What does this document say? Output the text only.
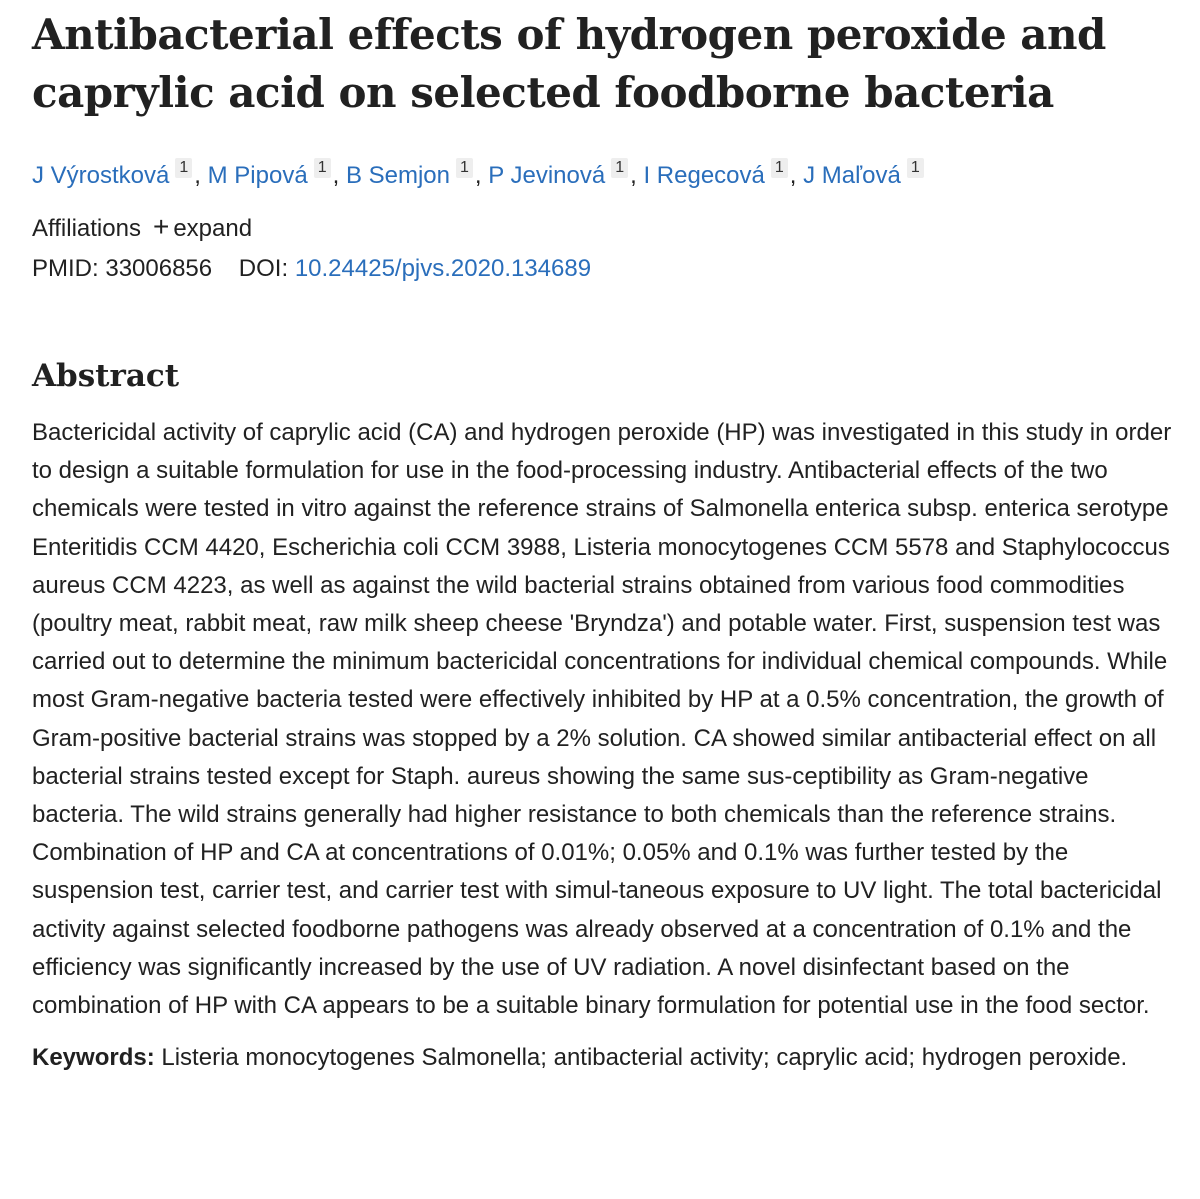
Antibacterial effects of hydrogen peroxide and caprylic acid on selected foodborne bacteria
J Výrostková 1 , M Pipová 1 , B Semjon 1 , P Jevinová 1 , I Regecová 1 , J Maľová 1
Affiliations + expand
PMID: 33006856 DOI: 10.24425/pjvs.2020.134689
Abstract
Bactericidal activity of caprylic acid (CA) and hydrogen peroxide (HP) was investigated in this study in order to design a suitable formulation for use in the food-processing industry. Antibacterial effects of the two chemicals were tested in vitro against the reference strains of Salmonella enterica subsp. enterica serotype Enteritidis CCM 4420, Escherichia coli CCM 3988, Listeria monocytogenes CCM 5578 and Staphylococcus aureus CCM 4223, as well as against the wild bacterial strains obtained from various food commodities (poultry meat, rabbit meat, raw milk sheep cheese 'Bryndza') and potable water. First, suspension test was carried out to determine the minimum bactericidal concentrations for individual chemical compounds. While most Gram-negative bacteria tested were effectively inhibited by HP at a 0.5% concentration, the growth of Gram-positive bacterial strains was stopped by a 2% solution. CA showed similar antibacterial effect on all bacterial strains tested except for Staph. aureus showing the same sus-ceptibility as Gram-negative bacteria. The wild strains generally had higher resistance to both chemicals than the reference strains. Combination of HP and CA at concentrations of 0.01%; 0.05% and 0.1% was further tested by the suspension test, carrier test, and carrier test with simul-taneous exposure to UV light. The total bactericidal activity against selected foodborne pathogens was already observed at a concentration of 0.1% and the efficiency was significantly increased by the use of UV radiation. A novel disinfectant based on the combination of HP with CA appears to be a suitable binary formulation for potential use in the food sector.
Keywords: Listeria monocytogenes Salmonella; antibacterial activity; caprylic acid; hydrogen peroxide.
